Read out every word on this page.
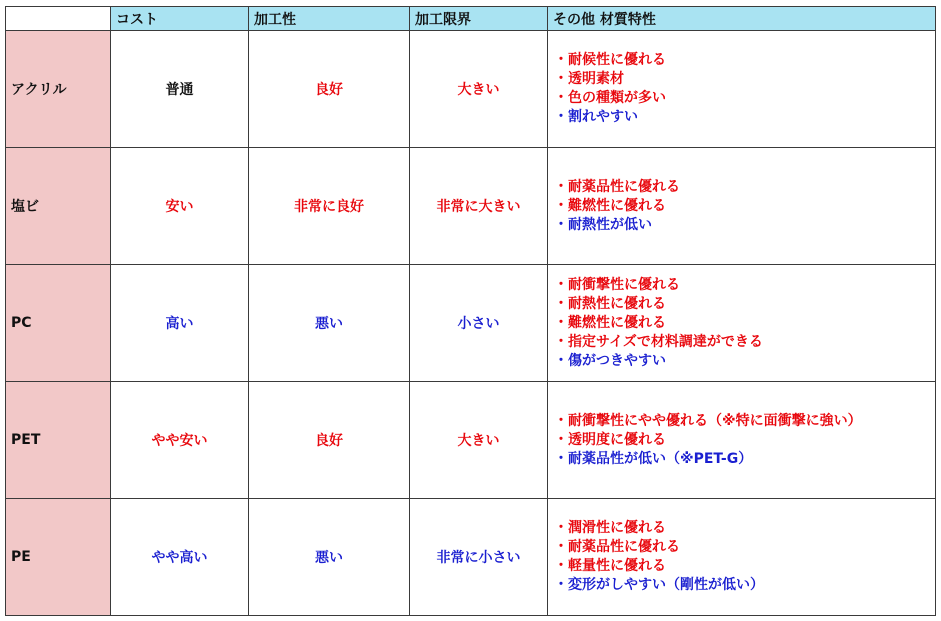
	コスト	加工性	加工限界	その他 材質特性
アクリル	普通	良好	大きい	・耐候性に優れる
・透明素材
・色の種類が多い
・割れやすい

塩ビ	安い	非常に良好	非常に大きい	・耐薬品性に優れる
・難燃性に優れる
・耐熱性が低い

PC	高い	悪い	小さい	・耐衝撃性に優れる
・耐熱性に優れる
・難燃性に優れる
・指定サイズで材料調達ができる
・傷がつきやすい

PET	やや安い	良好	大きい	・耐衝撃性にやや優れる（※特に面衝撃に強い）
・透明度に優れる
・耐薬品性が低い（※PET-G）

PE	やや高い	悪い	非常に小さい	・潤滑性に優れる
・耐薬品性に優れる
・軽量性に優れる
・変形がしやすい（剛性が低い）
